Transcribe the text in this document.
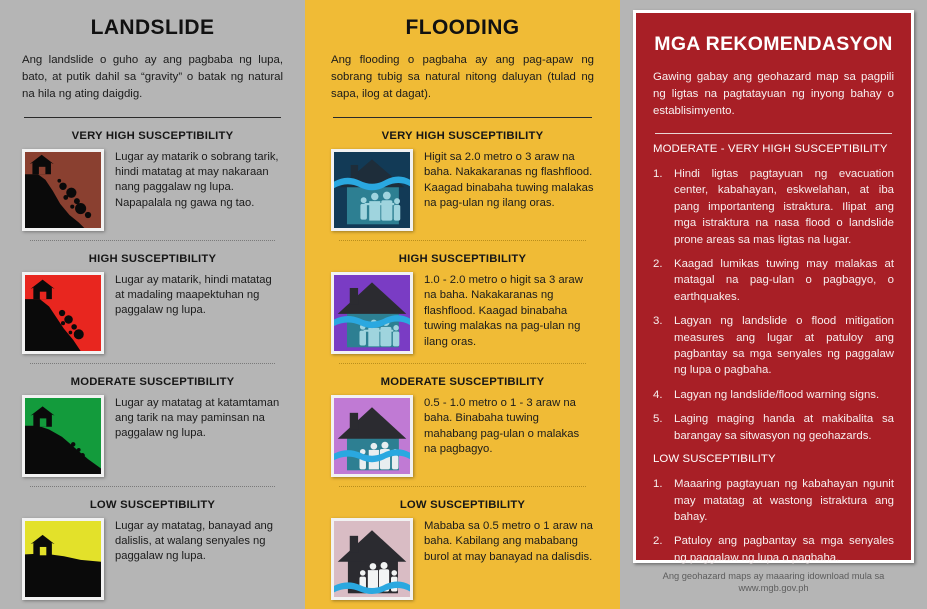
LANDSLIDE
Ang landslide o guho ay ang pagbaba ng lupa, bato, at putik dahil sa “gravity” o batak ng natural na hila ng ating daigdig.
VERY HIGH SUSCEPTIBILITY
Lugar ay matarik o sobrang tarik, hindi matatag at may nakaraan nang paggalaw ng lupa. Napapalala ng gawa ng tao.
HIGH SUSCEPTIBILITY
Lugar ay matarik, hindi matatag at madaling maapektuhan ng paggalaw ng lupa.
MODERATE SUSCEPTIBILITY
Lugar ay matatag at katamtaman ang tarik na may paminsan na paggalaw ng lupa.
LOW SUSCEPTIBILITY
Lugar ay matatag, banayad ang dalislis, at walang senyales ng paggalaw ng lupa.
FLOODING
Ang flooding o pagbaha ay ang pag-apaw ng sobrang tubig sa natural nitong daluyan (tulad ng sapa, ilog at dagat).
VERY HIGH SUSCEPTIBILITY
Higit sa 2.0 metro o 3 araw na baha. Nakakaranas ng flashflood. Kaagad binabaha tuwing malakas na pag-ulan ng ilang oras.
HIGH SUSCEPTIBILITY
1.0 - 2.0 metro o higit sa 3 araw na baha. Nakakaranas ng flashflood. Kaagad binabaha tuwing malakas na pag-ulan ng ilang oras.
MODERATE SUSCEPTIBILITY
0.5 - 1.0 metro o 1 - 3 araw na baha. Binabaha tuwing mahabang pag-ulan o malakas na pagbagyo.
LOW SUSCEPTIBILITY
Mababa sa 0.5 metro o 1 araw na baha. Kabilang ang mababang burol at may banayad na dalisdis.
MGA REKOMENDASYON
Gawing gabay ang geohazard map sa pagpili ng ligtas na pagtatayuan ng inyong bahay o establisimyento.
MODERATE - VERY HIGH SUSCEPTIBILITY
1.	Hindi ligtas pagtayuan ng evacuation center, kabahayan, eskwelahan, at iba pang importanteng istraktura. Ilipat ang mga istraktura na nasa flood o landslide prone areas sa mas ligtas na lugar.
2.	Kaagad lumikas tuwing may malakas at matagal na pag-ulan o pagbagyo, o earthquakes.
3.	Lagyan ng landslide o flood mitigation measures ang lugar at patuloy ang pagbantay sa mga senyales ng paggalaw ng lupa o pagbaha.
4.	Lagyan ng landslide/flood warning signs.
5.	Laging maging handa at makibalita sa barangay sa sitwasyon ng geohazards.
LOW SUSCEPTIBILITY
1.	Maaaring pagtayuan ng kabahayan ngunit may matatag at wastong istraktura ang bahay.
2.	Patuloy ang pagbantay sa mga senyales ng paggalaw ng lupa o pagbaha.
Ang geohazard maps ay maaaring idownload mula sa
www.mgb.gov.ph
